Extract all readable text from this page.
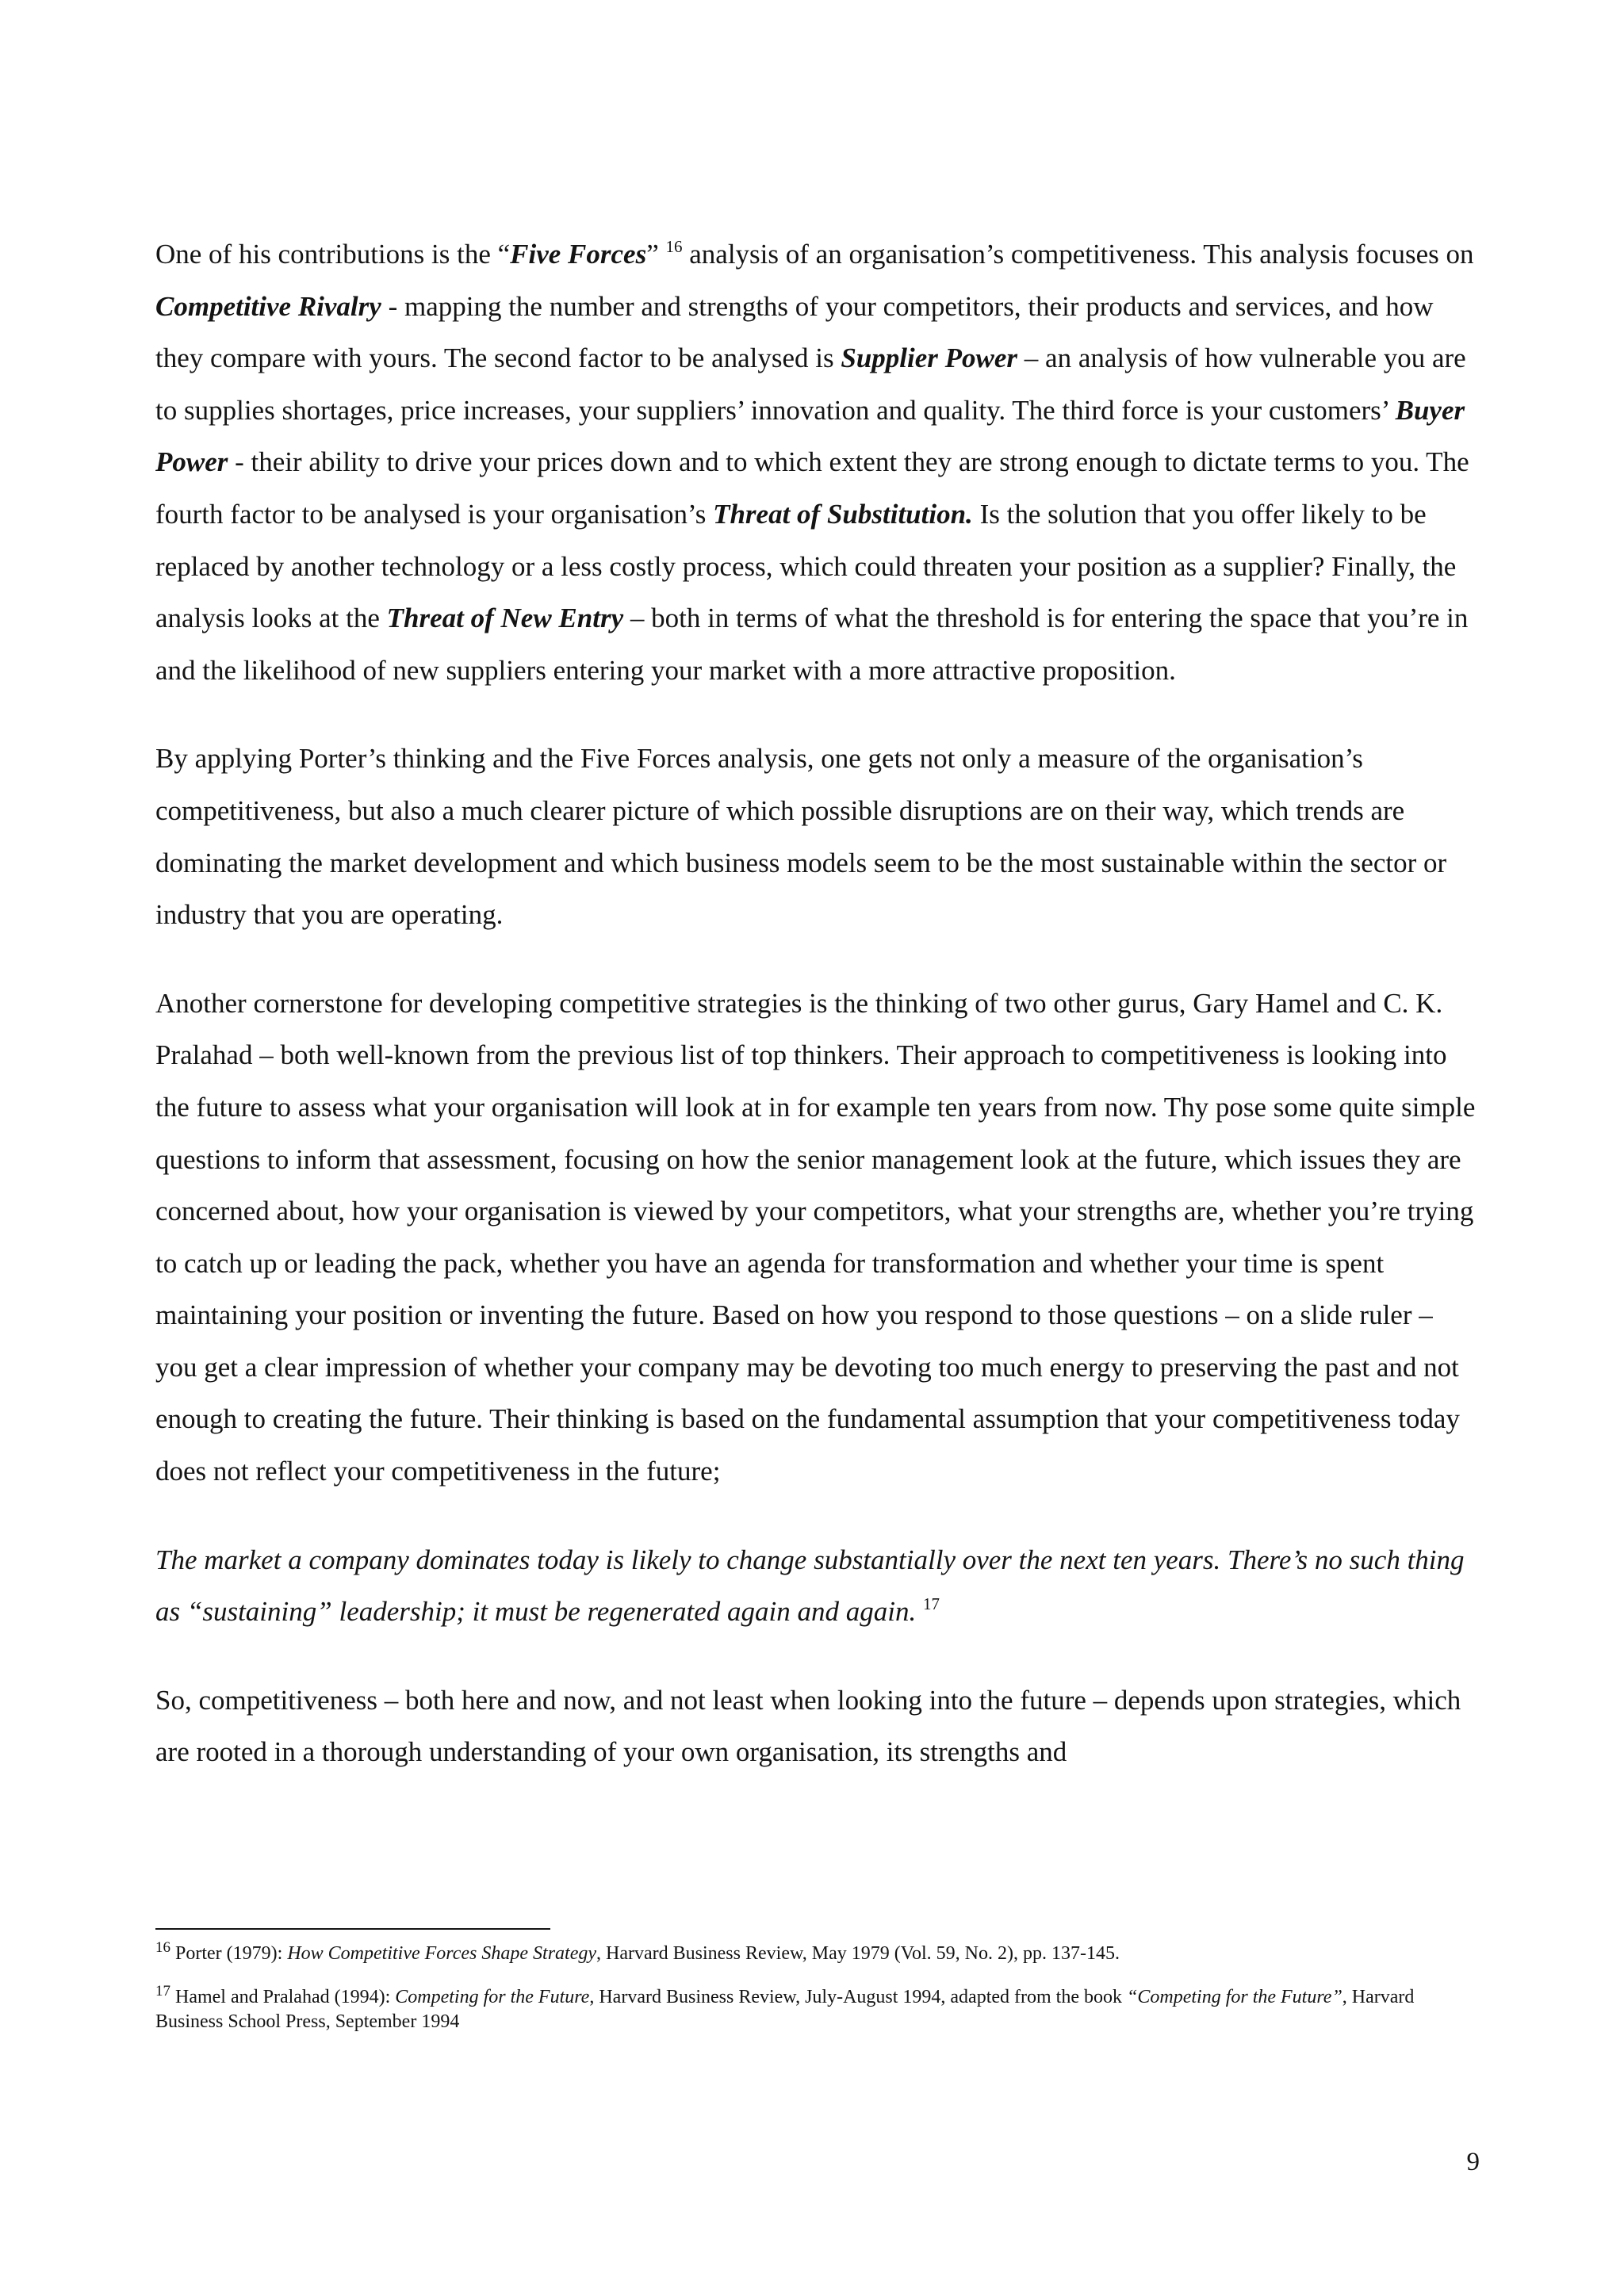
One of his contributions is the “Five Forces” $^{16}$ analysis of an organisation’s competitiveness. This analysis focuses on Competitive Rivalry - mapping the number and strengths of your competitors, their products and services, and how they compare with yours. The second factor to be analysed is Supplier Power – an analysis of how vulnerable you are to supplies shortages, price increases, your suppliers’ innovation and quality. The third force is your customers’ Buyer Power - their ability to drive your prices down and to which extent they are strong enough to dictate terms to you. The fourth factor to be analysed is your organisation’s Threat of Substitution. Is the solution that you offer likely to be replaced by another technology or a less costly process, which could threaten your position as a supplier? Finally, the analysis looks at the Threat of New Entry – both in terms of what the threshold is for entering the space that you’re in and the likelihood of new suppliers entering your market with a more attractive proposition.

By applying Porter’s thinking and the Five Forces analysis, one gets not only a measure of the organisation’s competitiveness, but also a much clearer picture of which possible disruptions are on their way, which trends are dominating the market development and which business models seem to be the most sustainable within the sector or industry that you are operating.

Another cornerstone for developing competitive strategies is the thinking of two other gurus, Gary Hamel and C. K. Pralahad – both well-known from the previous list of top thinkers. Their approach to competitiveness is looking into the future to assess what your organisation will look at in for example ten years from now. Thy pose some quite simple questions to inform that assessment, focusing on how the senior management look at the future, which issues they are concerned about, how your organisation is viewed by your competitors, what your strengths are, whether you’re trying to catch up or leading the pack, whether you have an agenda for transformation and whether your time is spent maintaining your position or inventing the future. Based on how you respond to those questions – on a slide ruler – you get a clear impression of whether your company may be devoting too much energy to preserving the past and not enough to creating the future. Their thinking is based on the fundamental assumption that your competitiveness today does not reflect your competitiveness in the future;

The market a company dominates today is likely to change substantially over the next ten years. There’s no such thing as “sustaining” leadership; it must be regenerated again and again. $^{17}$

So, competitiveness – both here and now, and not least when looking into the future – depends upon strategies, which are rooted in a thorough understanding of your own organisation, its strengths and

$^{16}$ Porter (1979): How Competitive Forces Shape Strategy, Harvard Business Review, May 1979 (Vol. 59, No. 2), pp. 137-145.

$^{17}$ Hamel and Pralahad (1994): Competing for the Future, Harvard Business Review, July-August 1994, adapted from the book “Competing for the Future”, Harvard Business School Press, September 1994

9
